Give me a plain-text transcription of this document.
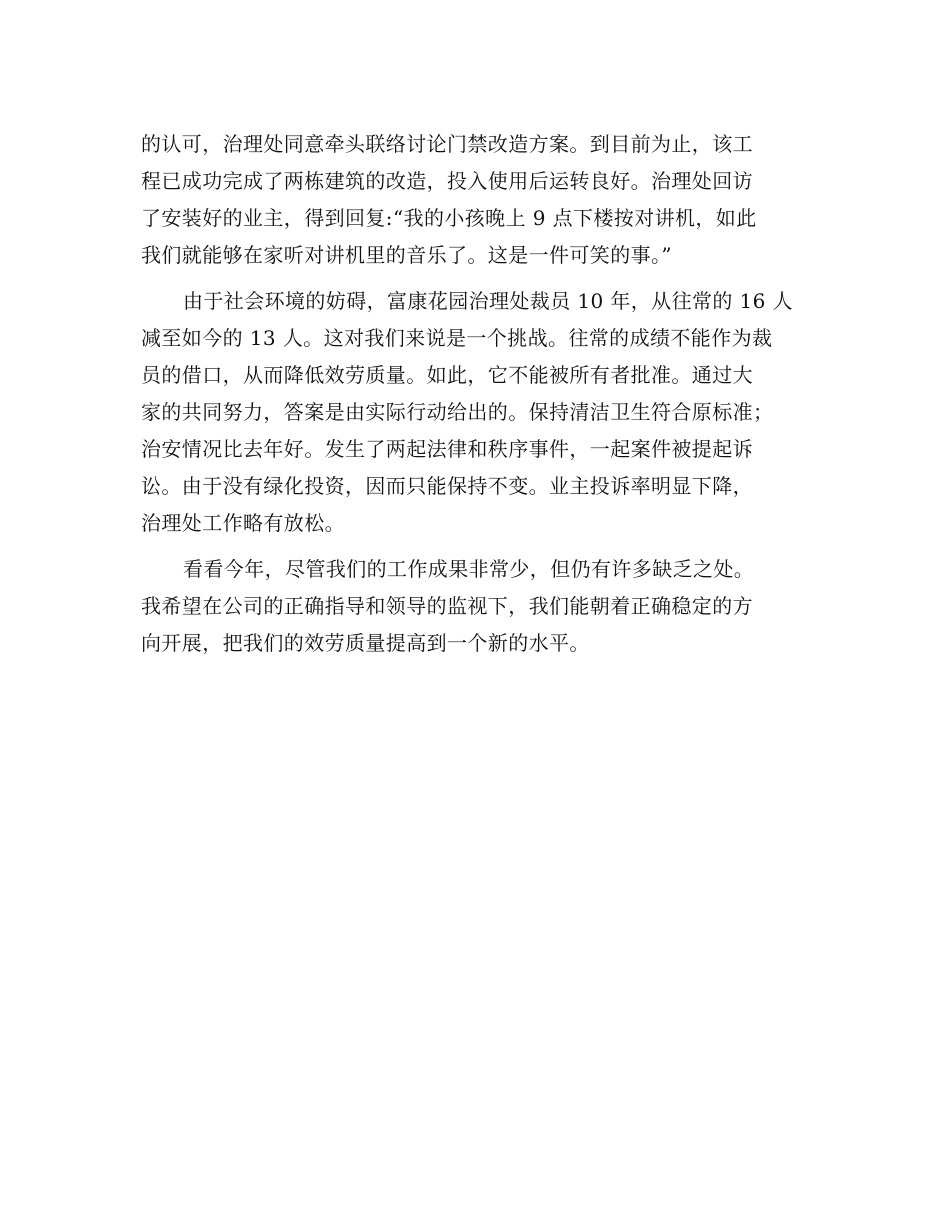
的认可，治理处同意牵头联络讨论门禁改造方案。到目前为止，该工
程已成功完成了两栋建筑的改造，投入使用后运转良好。治理处回访
了安装好的业主，得到回复:“我的小孩晚上 9 点下楼按对讲机，如此
我们就能够在家听对讲机里的音乐了。这是一件可笑的事。”
由于社会环境的妨碍，富康花园治理处裁员 10 年，从往常的 16 人
减至如今的 13 人。这对我们来说是一个挑战。往常的成绩不能作为裁
员的借口，从而降低效劳质量。如此，它不能被所有者批准。通过大
家的共同努力，答案是由实际行动给出的。保持清洁卫生符合原标准；
治安情况比去年好。发生了两起法律和秩序事件，一起案件被提起诉
讼。由于没有绿化投资，因而只能保持不变。业主投诉率明显下降，
治理处工作略有放松。
看看今年，尽管我们的工作成果非常少，但仍有许多缺乏之处。
我希望在公司的正确指导和领导的监视下，我们能朝着正确稳定的方
向开展，把我们的效劳质量提高到一个新的水平。
